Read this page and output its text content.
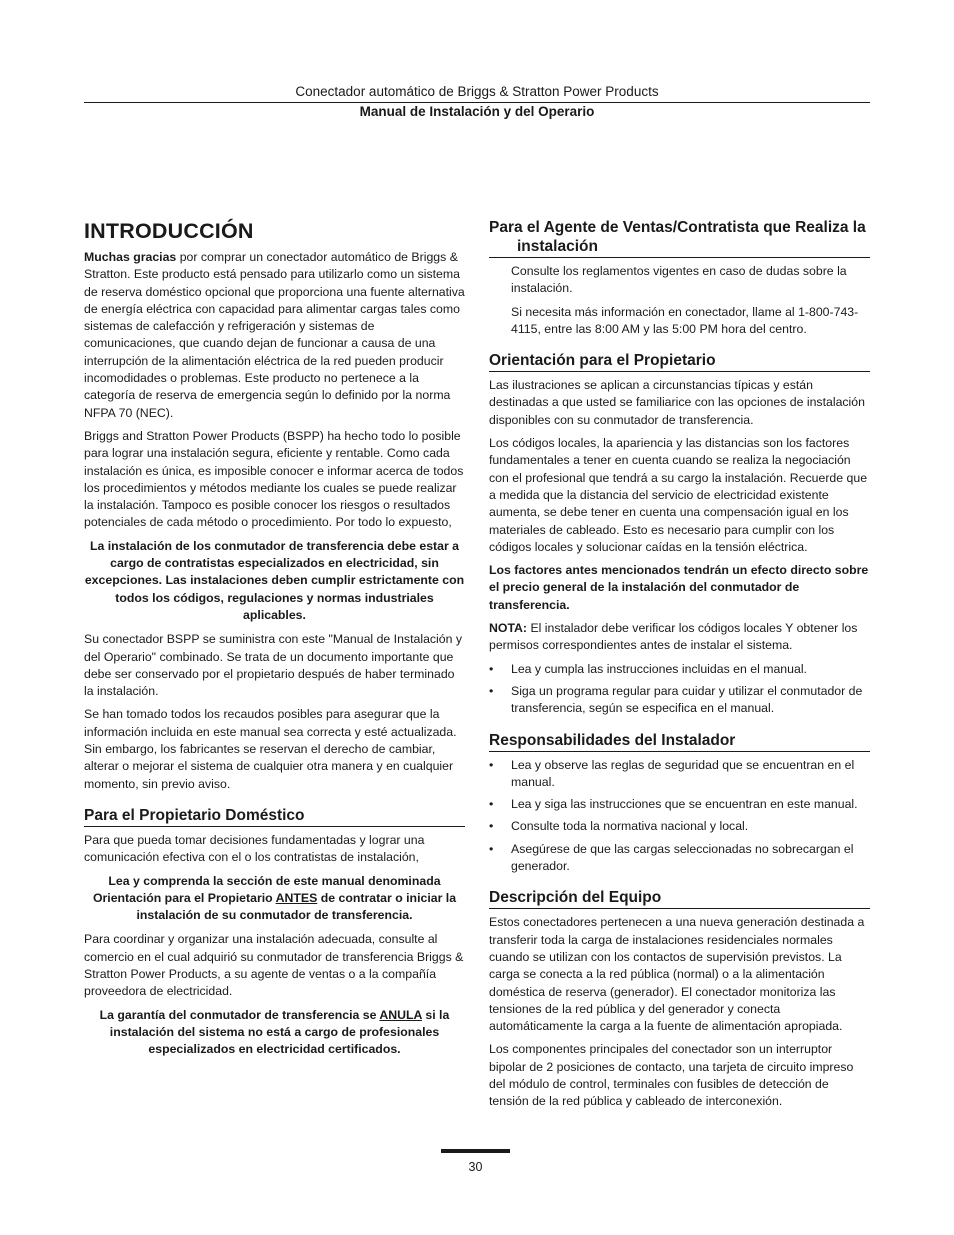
Conectador automático de Briggs & Stratton Power Products
Manual de Instalación y del Operario
INTRODUCCIÓN

Muchas gracias por comprar un conectador automático de Briggs & Stratton. Este producto está pensado para utilizarlo como un sistema de reserva doméstico opcional que proporciona una fuente alternativa de energía eléctrica con capacidad para alimentar cargas tales como sistemas de calefacción y refrigeración y sistemas de comunicaciones, que cuando dejan de funcionar a causa de una interrupción de la alimentación eléctrica de la red pueden producir incomodidades o problemas. Este producto no pertenece a la categoría de reserva de emergencia según lo definido por la norma NFPA 70 (NEC).

Briggs and Stratton Power Products (BSPP) ha hecho todo lo posible para lograr una instalación segura, eficiente y rentable. Como cada instalación es única, es imposible conocer e informar acerca de todos los procedimientos y métodos mediante los cuales se puede realizar la instalación. Tampoco es posible conocer los riesgos o resultados potenciales de cada método o procedimiento. Por todo lo expuesto,

La instalación de los conmutador de transferencia debe estar a cargo de contratistas especializados en electricidad, sin excepciones. Las instalaciones deben cumplir estrictamente con todos los códigos, regulaciones y normas industriales aplicables.

Su conectador BSPP se suministra con este "Manual de Instalación y del Operario" combinado. Se trata de un documento importante que debe ser conservado por el propietario después de haber terminado la instalación.

Se han tomado todos los recaudos posibles para asegurar que la información incluida en este manual sea correcta y esté actualizada. Sin embargo, los fabricantes se reservan el derecho de cambiar, alterar o mejorar el sistema de cualquier otra manera y en cualquier momento, sin previo aviso.

Para el Propietario Doméstico

Para que pueda tomar decisiones fundamentadas y lograr una comunicación efectiva con el o los contratistas de instalación,

Lea y comprenda la sección de este manual denominada Orientación para el Propietario ANTES de contratar o iniciar la instalación de su conmutador de transferencia.

Para coordinar y organizar una instalación adecuada, consulte al comercio en el cual adquirió su conmutador de transferencia Briggs & Stratton Power Products, a su agente de ventas o a la compañía proveedora de electricidad.

La garantía del conmutador de transferencia se ANULA si la instalación del sistema no está a cargo de profesionales especializados en electricidad certificados.

Para el Agente de Ventas/Contratista que Realiza la instalación

Consulte los reglamentos vigentes en caso de dudas sobre la instalación.

Si necesita más información en conectador, llame al 1-800-743-4115, entre las 8:00 AM y las 5:00 PM hora del centro.

Orientación para el Propietario

Las ilustraciones se aplican a circunstancias típicas y están destinadas a que usted se familiarice con las opciones de instalación disponibles con su conmutador de transferencia.

Los códigos locales, la apariencia y las distancias son los factores fundamentales a tener en cuenta cuando se realiza la negociación con el profesional que tendrá a su cargo la instalación. Recuerde que a medida que la distancia del servicio de electricidad existente aumenta, se debe tener en cuenta una compensación igual en los materiales de cableado. Esto es necesario para cumplir con los códigos locales y solucionar caídas en la tensión eléctrica.

Los factores antes mencionados tendrán un efecto directo sobre el precio general de la instalación del conmutador de transferencia.

NOTA: El instalador debe verificar los códigos locales Y obtener los permisos correspondientes antes de instalar el sistema.

• Lea y cumpla las instrucciones incluidas en el manual.
• Siga un programa regular para cuidar y utilizar el conmutador de transferencia, según se especifica en el manual.
Responsabilidades del Instalador
• Lea y observe las reglas de seguridad que se encuentran en el manual.
• Lea y siga las instrucciones que se encuentran en este manual.
• Consulte toda la normativa nacional y local.
• Asegúrese de que las cargas seleccionadas no sobrecargan el generador.
Descripción del Equipo

Estos conectadores pertenecen a una nueva generación destinada a transferir toda la carga de instalaciones residenciales normales cuando se utilizan con los contactos de supervisión previstos. La carga se conecta a la red pública (normal) o a la alimentación doméstica de reserva (generador). El conectador monitoriza las tensiones de la red pública y del generador y conecta automáticamente la carga a la fuente de alimentación apropiada.

Los componentes principales del conectador son un interruptor bipolar de 2 posiciones de contacto, una tarjeta de circuito impreso del módulo de control, terminales con fusibles de detección de tensión de la red pública y cableado de interconexión.

30
